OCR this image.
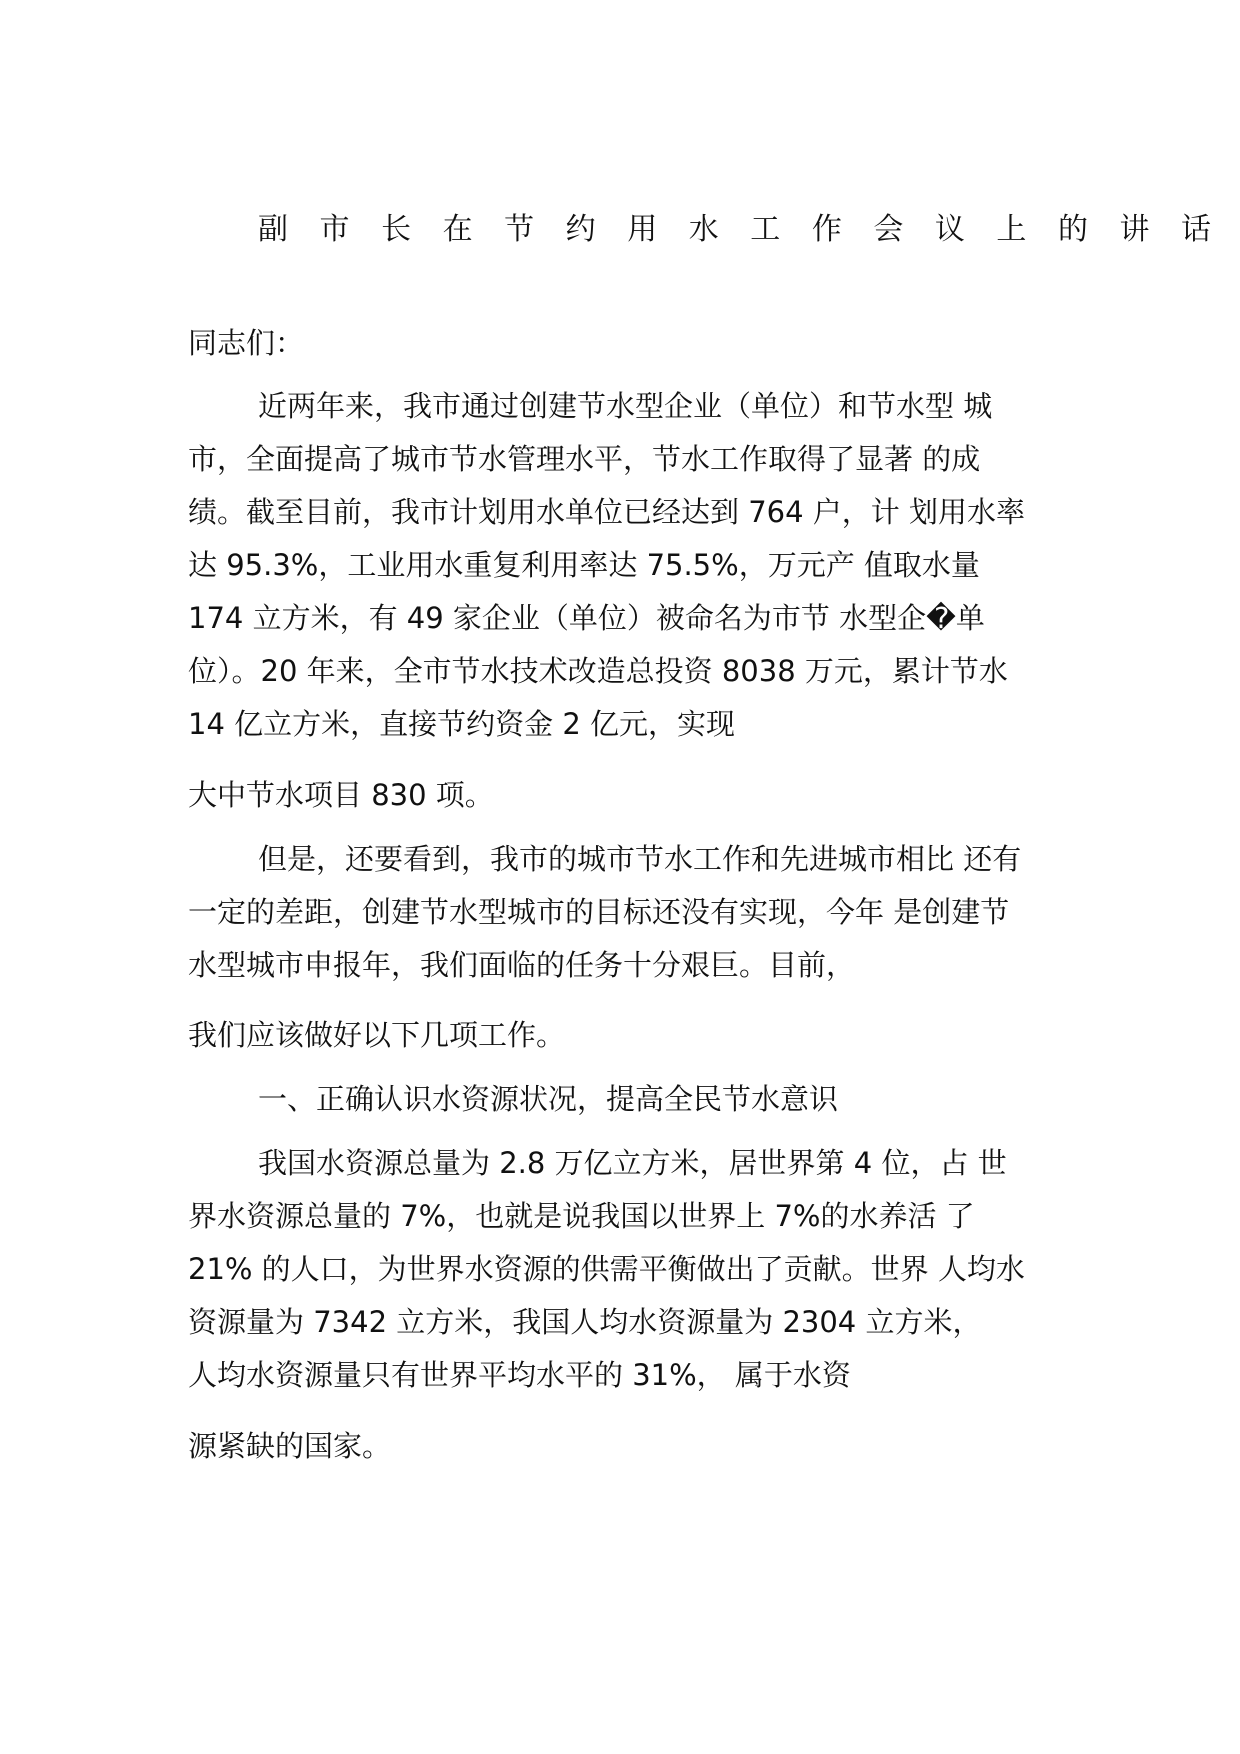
副 市 长 在 节 约 用 水 工 作 会 议 上 的 讲 话

同志们：

近两年来，我市通过创建节水型企业（单位）和节水型 城

市，全面提高了城市节水管理水平，节水工作取得了显著 的成

绩。截至目前，我市计划用水单位已经达到 764 户，计 划用水率

达 95.3%，工业用水重复利用率达 75.5%，万元产 值取水量

174 立方米，有 49 家企业（单位）被命名为市节 水型企�单

位）。20 年来，全市节水技术改造总投资 8038 万元，累计节水

14 亿立方米，直接节约资金 2 亿元，实现

大中节水项目 830 项。

但是，还要看到，我市的城市节水工作和先进城市相比 还有

一定的差距，创建节水型城市的目标还没有实现，今年 是创建节

水型城市申报年，我们面临的任务十分艰巨。目前，

我们应该做好以下几项工作。

一、正确认识水资源状况，提高全民节水意识

我国水资源总量为 2.8 万亿立方米，居世界第 4 位，占 世

界水资源总量的 7%，也就是说我国以世界上 7%的水养活 了

21% 的人口，为世界水资源的供需平衡做出了贡献。世界 人均水

资源量为 7342 立方米，我国人均水资源量为 2304 立方米，

人均水资源量只有世界平均水平的 31%， 属于水资

源紧缺的国家。
